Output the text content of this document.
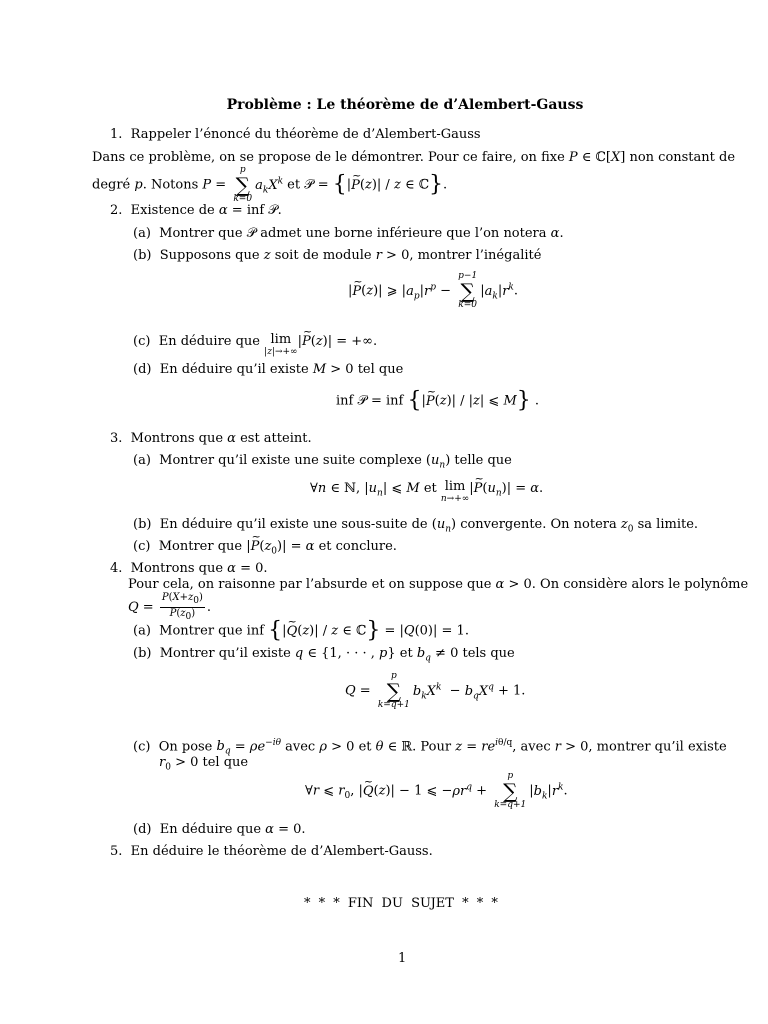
Problème : Le théorème de d’Alembert-Gauss
1. Rappeler l’énoncé du théorème de d’Alembert-Gauss
Dans ce problème, on se propose de le démontrer. Pour ce faire, on fixe P ∈ ℂ[X] non constant de
degré p. Notons P =
p
∑
k=0
$a_kX^k$ et 𝒫 = {|~ P(z)| / z ∈ ℂ}.
2. Existence de α = inf 𝒫.
(a) Montrer que 𝒫 admet une borne inférieure que l’on notera α.
(b) Supposons que z soit de module r > 0, montrer l’inégalité
|~ P(z)| ⩾ $|a_p|r^p$ −
p−1
∑
k=0
$|a_k|r^k$.
(c) En déduire que lim
|z|→+∞
|~ P(z)| = +∞.
(d) En déduire qu’il existe M > 0 tel que
inf 𝒫 = inf {|~ P(z)| / |z| ⩽ M} .
3. Montrons que α est atteint.
(a) Montrer qu’il existe une suite complexe $(u_n)$ telle que
∀n ∈ ℕ, $|u_n|$ ⩽ M et lim
n→+∞
|~ $P(u_n)| = \alpha$.
(b) En déduire qu’il existe une sous-suite de $(u_n)$ convergente. On notera $z_0$ sa limite.
(c) Montrer que |~ $P(z_0)| = \alpha$ et conclure.
4. Montrons que α = 0.
Pour cela, on raisonne par l’absurde et on suppose que α > 0. On considère alors le polynôme
$Q = \frac{P(X+z_0)}{P(z_0)}$ .
(a) Montrer que inf {|~ Q(z)| / z ∈ ℂ} = |Q(0)| = 1.
(b) Montrer qu’il existe q ∈ {1, · · · , p} et $b_q \ne 0$ tels que
Q =
p
∑
k=q+1
$b_kX^k - b_qX^q + 1$.
(c) On pose $b_q = \rho e^{-i\theta}$ avec ρ > 0 et θ ∈ ℝ. Pour $z = re^{i\theta/q}$, avec r > 0, montrer qu’il existe
$r_0 > 0$ tel que
∀r ⩽ $r_0$, |~ Q(z)| − 1 ⩽ $-\rho r^q$ +
p
∑
k=q+1
$|b_k|r^k$.
(d) En déduire que α = 0.
5. En déduire le théorème de d’Alembert-Gauss.
* * * FIN DU SUJET * * *
1
